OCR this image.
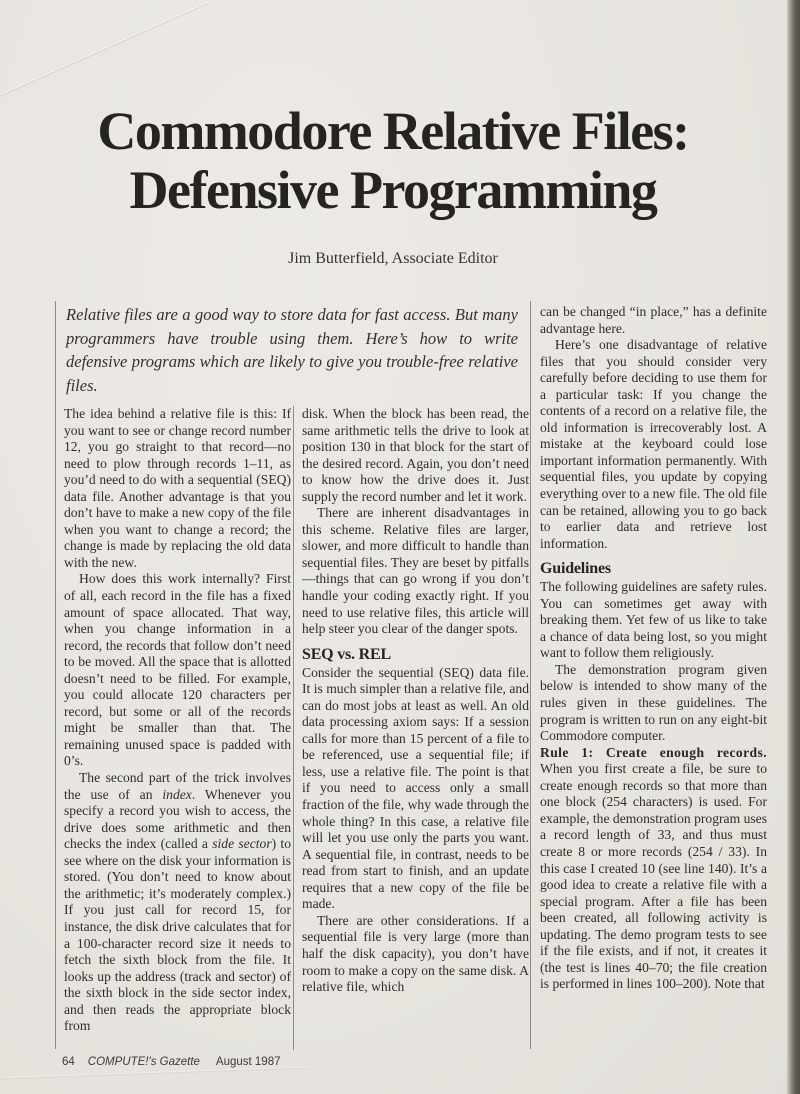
Commodore Relative Files:
Defensive Programming
Jim Butterfield, Associate Editor
Relative files are a good way to store data for fast access. But many programmers have trouble using them. Here’s how to write defensive programs which are likely to give you trouble-free relative files.

The idea behind a relative file is this: If you want to see or change record number 12, you go straight to that record—no need to plow through records 1–11, as you’d need to do with a sequential (SEQ) data file. Another advantage is that you don’t have to make a new copy of the file when you want to change a record; the change is made by replacing the old data with the new.

How does this work internally? First of all, each record in the file has a fixed amount of space allocated. That way, when you change information in a record, the records that follow don’t need to be moved. All the space that is allotted doesn’t need to be filled. For example, you could allocate 120 characters per record, but some or all of the records might be smaller than that. The remaining unused space is padded with 0’s.

The second part of the trick involves the use of an index. Whenever you specify a record you wish to access, the drive does some arithmetic and then checks the index (called a side sector) to see where on the disk your information is stored. (You don’t need to know about the arithmetic; it’s moderately complex.) If you just call for record 15, for instance, the disk drive calculates that for a 100-character record size it needs to fetch the sixth block from the file. It looks up the address (track and sector) of the sixth block in the side sector index, and then reads the appropriate block from

disk. When the block has been read, the same arithmetic tells the drive to look at position 130 in that block for the start of the desired record. Again, you don’t need to know how the drive does it. Just supply the record number and let it work.

There are inherent disadvantages in this scheme. Relative files are larger, slower, and more difficult to handle than sequential files. They are beset by pitfalls—things that can go wrong if you don’t handle your coding exactly right. If you need to use relative files, this article will help steer you clear of the danger spots.

SEQ vs. REL

Consider the sequential (SEQ) data file. It is much simpler than a relative file, and can do most jobs at least as well. An old data processing axiom says: If a session calls for more than 15 percent of a file to be referenced, use a sequential file; if less, use a relative file. The point is that if you need to access only a small fraction of the file, why wade through the whole thing? In this case, a relative file will let you use only the parts you want. A sequential file, in contrast, needs to be read from start to finish, and an update requires that a new copy of the file be made.

There are other considerations. If a sequential file is very large (more than half the disk capacity), you don’t have room to make a copy on the same disk. A relative file, which

can be changed “in place,” has a definite advantage here.

Here’s one disadvantage of relative files that you should consider very carefully before deciding to use them for a particular task: If you change the contents of a record on a relative file, the old information is irrecoverably lost. A mistake at the keyboard could lose important information permanently. With sequential files, you update by copying everything over to a new file. The old file can be retained, allowing you to go back to earlier data and retrieve lost information.

Guidelines

The following guidelines are safety rules. You can sometimes get away with breaking them. Yet few of us like to take a chance of data being lost, so you might want to follow them religiously.

The demonstration program given below is intended to show many of the rules given in these guidelines. The program is written to run on any eight-bit Commodore computer.

Rule 1: Create enough records. When you first create a file, be sure to create enough records so that more than one block (254 characters) is used. For example, the demonstration program uses a record length of 33, and thus must create 8 or more records (254 / 33). In this case I created 10 (see line 140). It’s a good idea to create a relative file with a special program. After a file has been been created, all following activity is updating. The demo program tests to see if the file exists, and if not, it creates it (the test is lines 40–70; the file creation is performed in lines 100–200). Note that

64 COMPUTE!'s Gazette August 1987
